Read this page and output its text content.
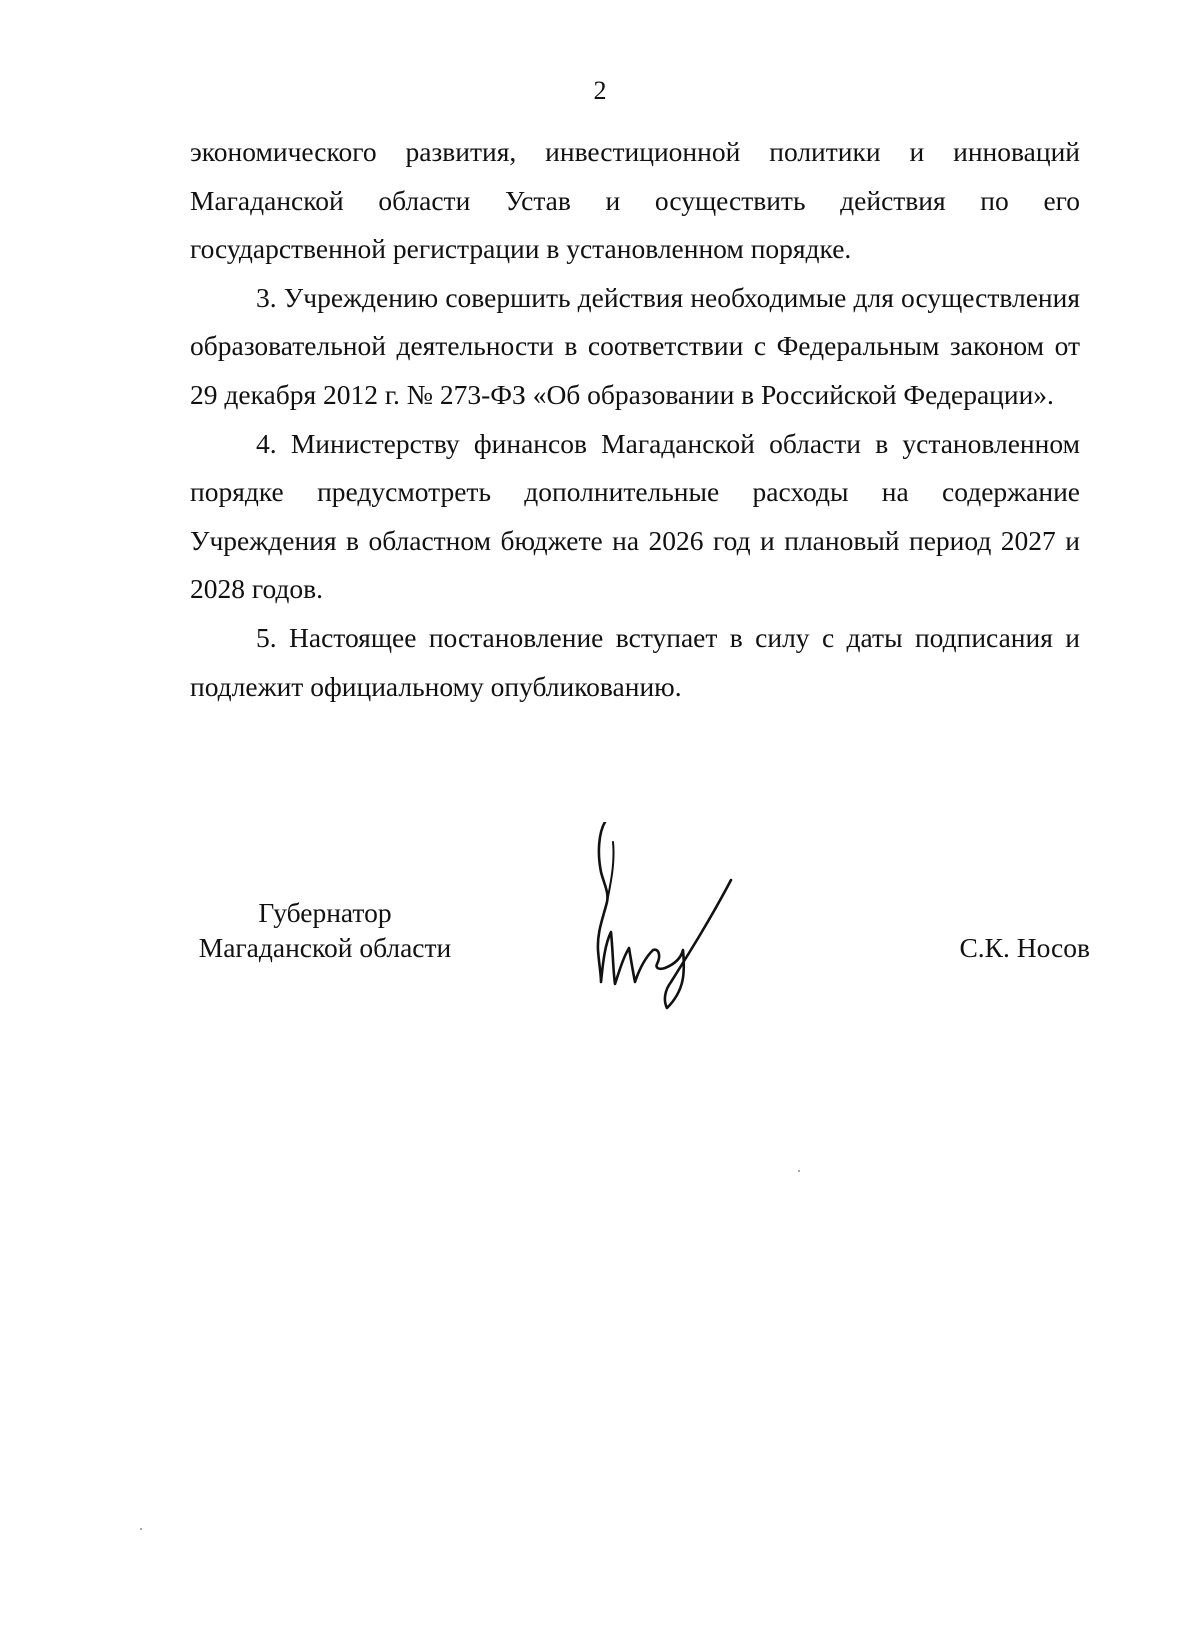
2

экономического развития, инвестиционной политики и инноваций Магаданской области Устав и осуществить действия по его государственной регистрации в установленном порядке.

3. Учреждению совершить действия необходимые для осуществления образовательной деятельности в соответствии с Федеральным законом от 29 декабря 2012 г. № 273-ФЗ «Об образовании в Российской Федерации».

4. Министерству финансов Магаданской области в установленном порядке предусмотреть дополнительные расходы на содержание Учреждения в областном бюджете на 2026 год и плановый период 2027 и 2028 годов.

5. Настоящее постановление вступает в силу с даты подписания и подлежит официальному опубликованию.

Губернатор
Магаданской области	С.К. Носов
